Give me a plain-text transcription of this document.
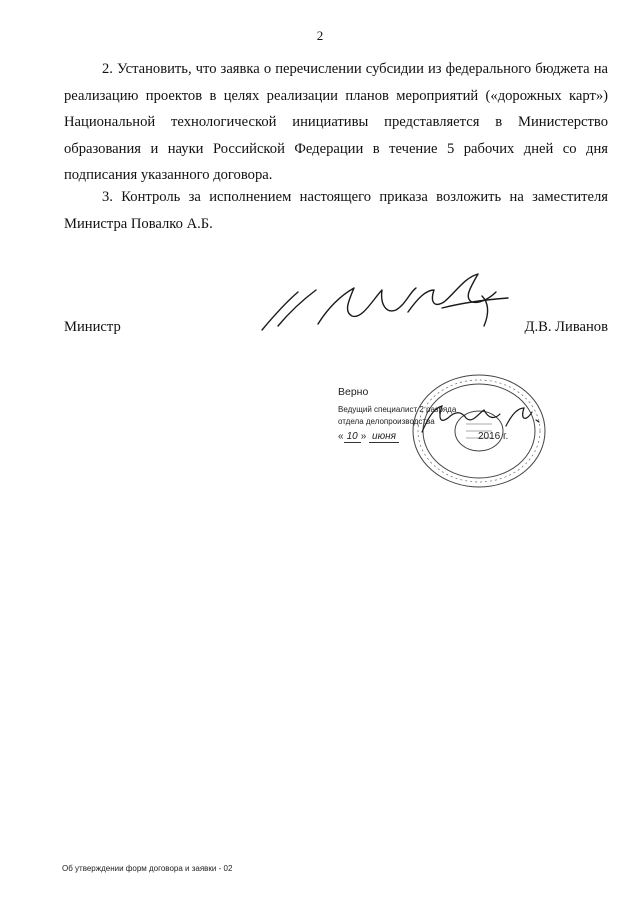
2

2. Установить, что заявка о перечислении субсидии из федерального бюджета на реализацию проектов в целях реализации планов мероприятий («дорожных карт») Национальной технологической инициативы представляется в Министерство образования и науки Российской Федерации в течение 5 рабочих дней со дня подписания указанного договора.

3. Контроль за исполнением настоящего приказа возложить на заместителя Министра Повалко А.Б.

Министр	Д.В. Ливанов
Верно
Ведущий специалист 2 разряда
отдела делопроизводства
« 10 » июня	2016 г.
Об утверждении форм договора и заявки - 02
